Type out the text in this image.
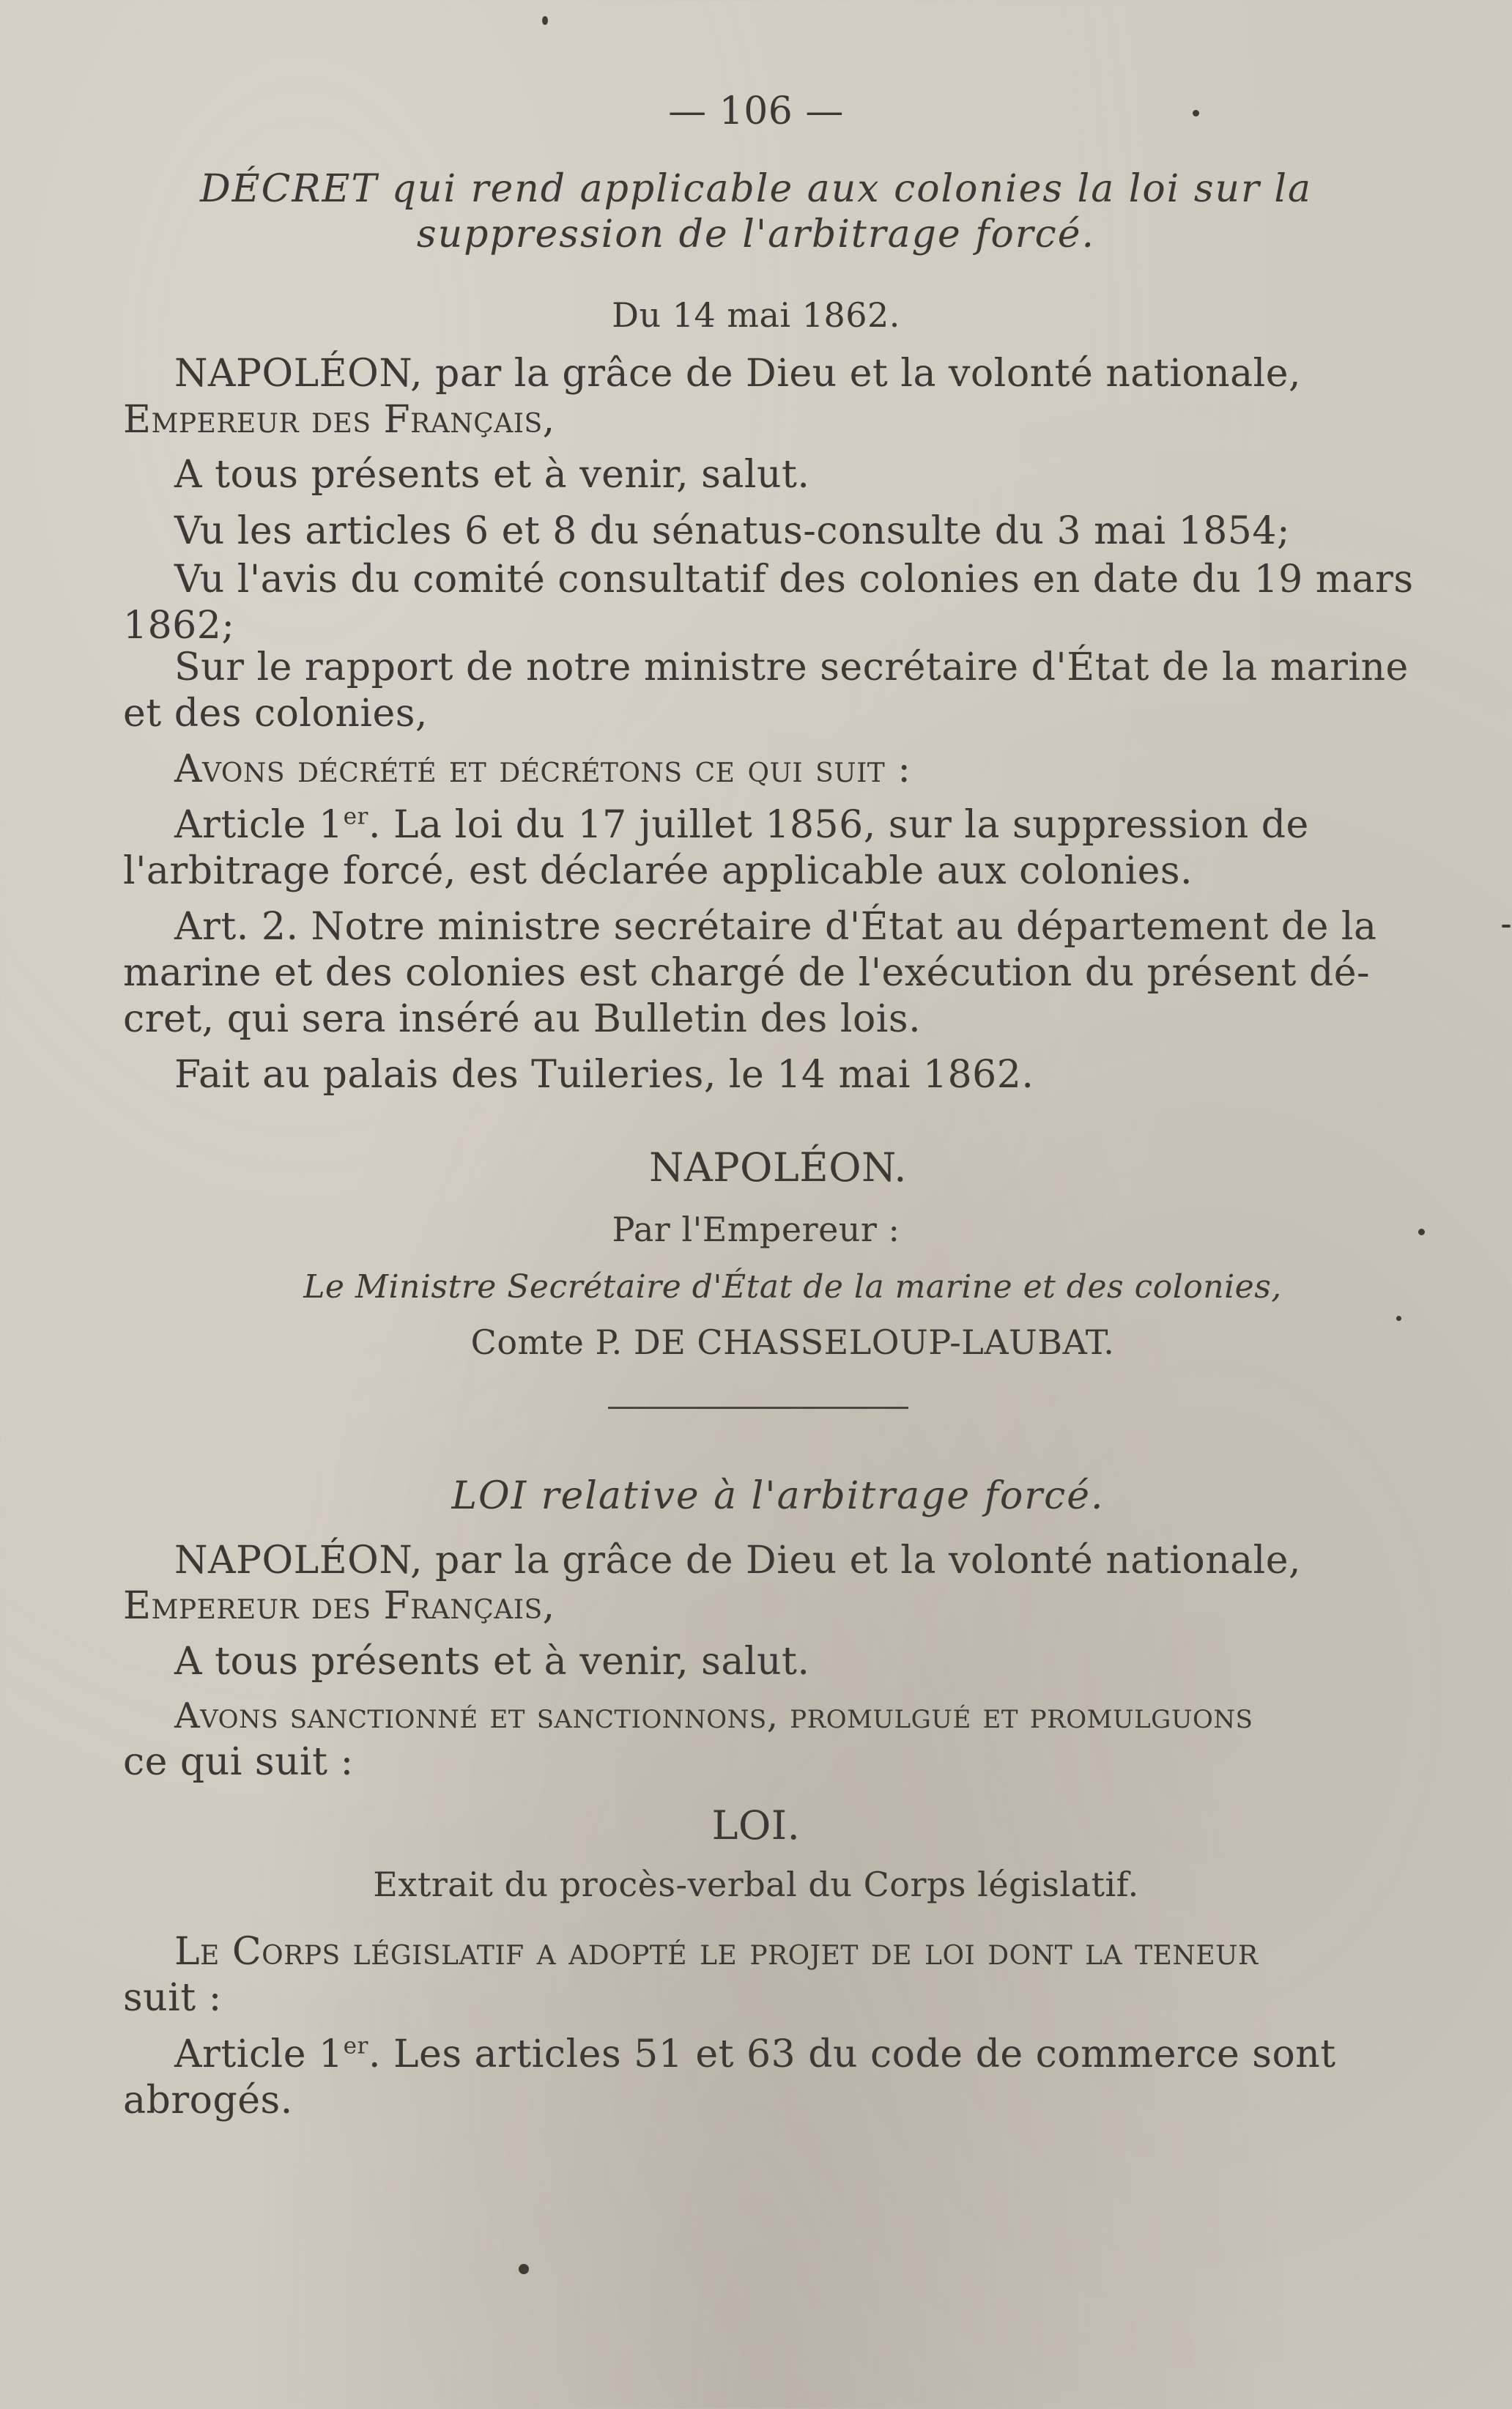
— 106 —
DÉCRET qui rend applicable aux colonies la loi sur la
suppression de l'arbitrage forcé.
Du 14 mai 1862.
NAPOLÉON, par la grâce de Dieu et la volonté nationale,
Empereur des Français,
A tous présents et à venir, salut.
Vu les articles 6 et 8 du sénatus-consulte du 3 mai 1854;
Vu l'avis du comité consultatif des colonies en date du 19 mars
1862;
Sur le rapport de notre ministre secrétaire d'État de la marine
et des colonies,
Avons décrété et décrétons ce qui suit :
Article 1er. La loi du 17 juillet 1856, sur la suppression de
l'arbitrage forcé, est déclarée applicable aux colonies.
Art. 2. Notre ministre secrétaire d'État au département de la
marine et des colonies est chargé de l'exécution du présent dé-
cret, qui sera inséré au Bulletin des lois.
Fait au palais des Tuileries, le 14 mai 1862.
NAPOLÉON.
Par l'Empereur :
Le Ministre Secrétaire d'État de la marine et des colonies,
Comte P. DE CHASSELOUP-LAUBAT.
LOI relative à l'arbitrage forcé.
NAPOLÉON, par la grâce de Dieu et la volonté nationale,
Empereur des Français,
A tous présents et à venir, salut.
Avons sanctionné et sanctionnons, promulgué et promulguons
ce qui suit :
LOI.
Extrait du procès-verbal du Corps législatif.
Le Corps législatif a adopté le projet de loi dont la teneur
suit :
Article 1er. Les articles 51 et 63 du code de commerce sont
abrogés.
